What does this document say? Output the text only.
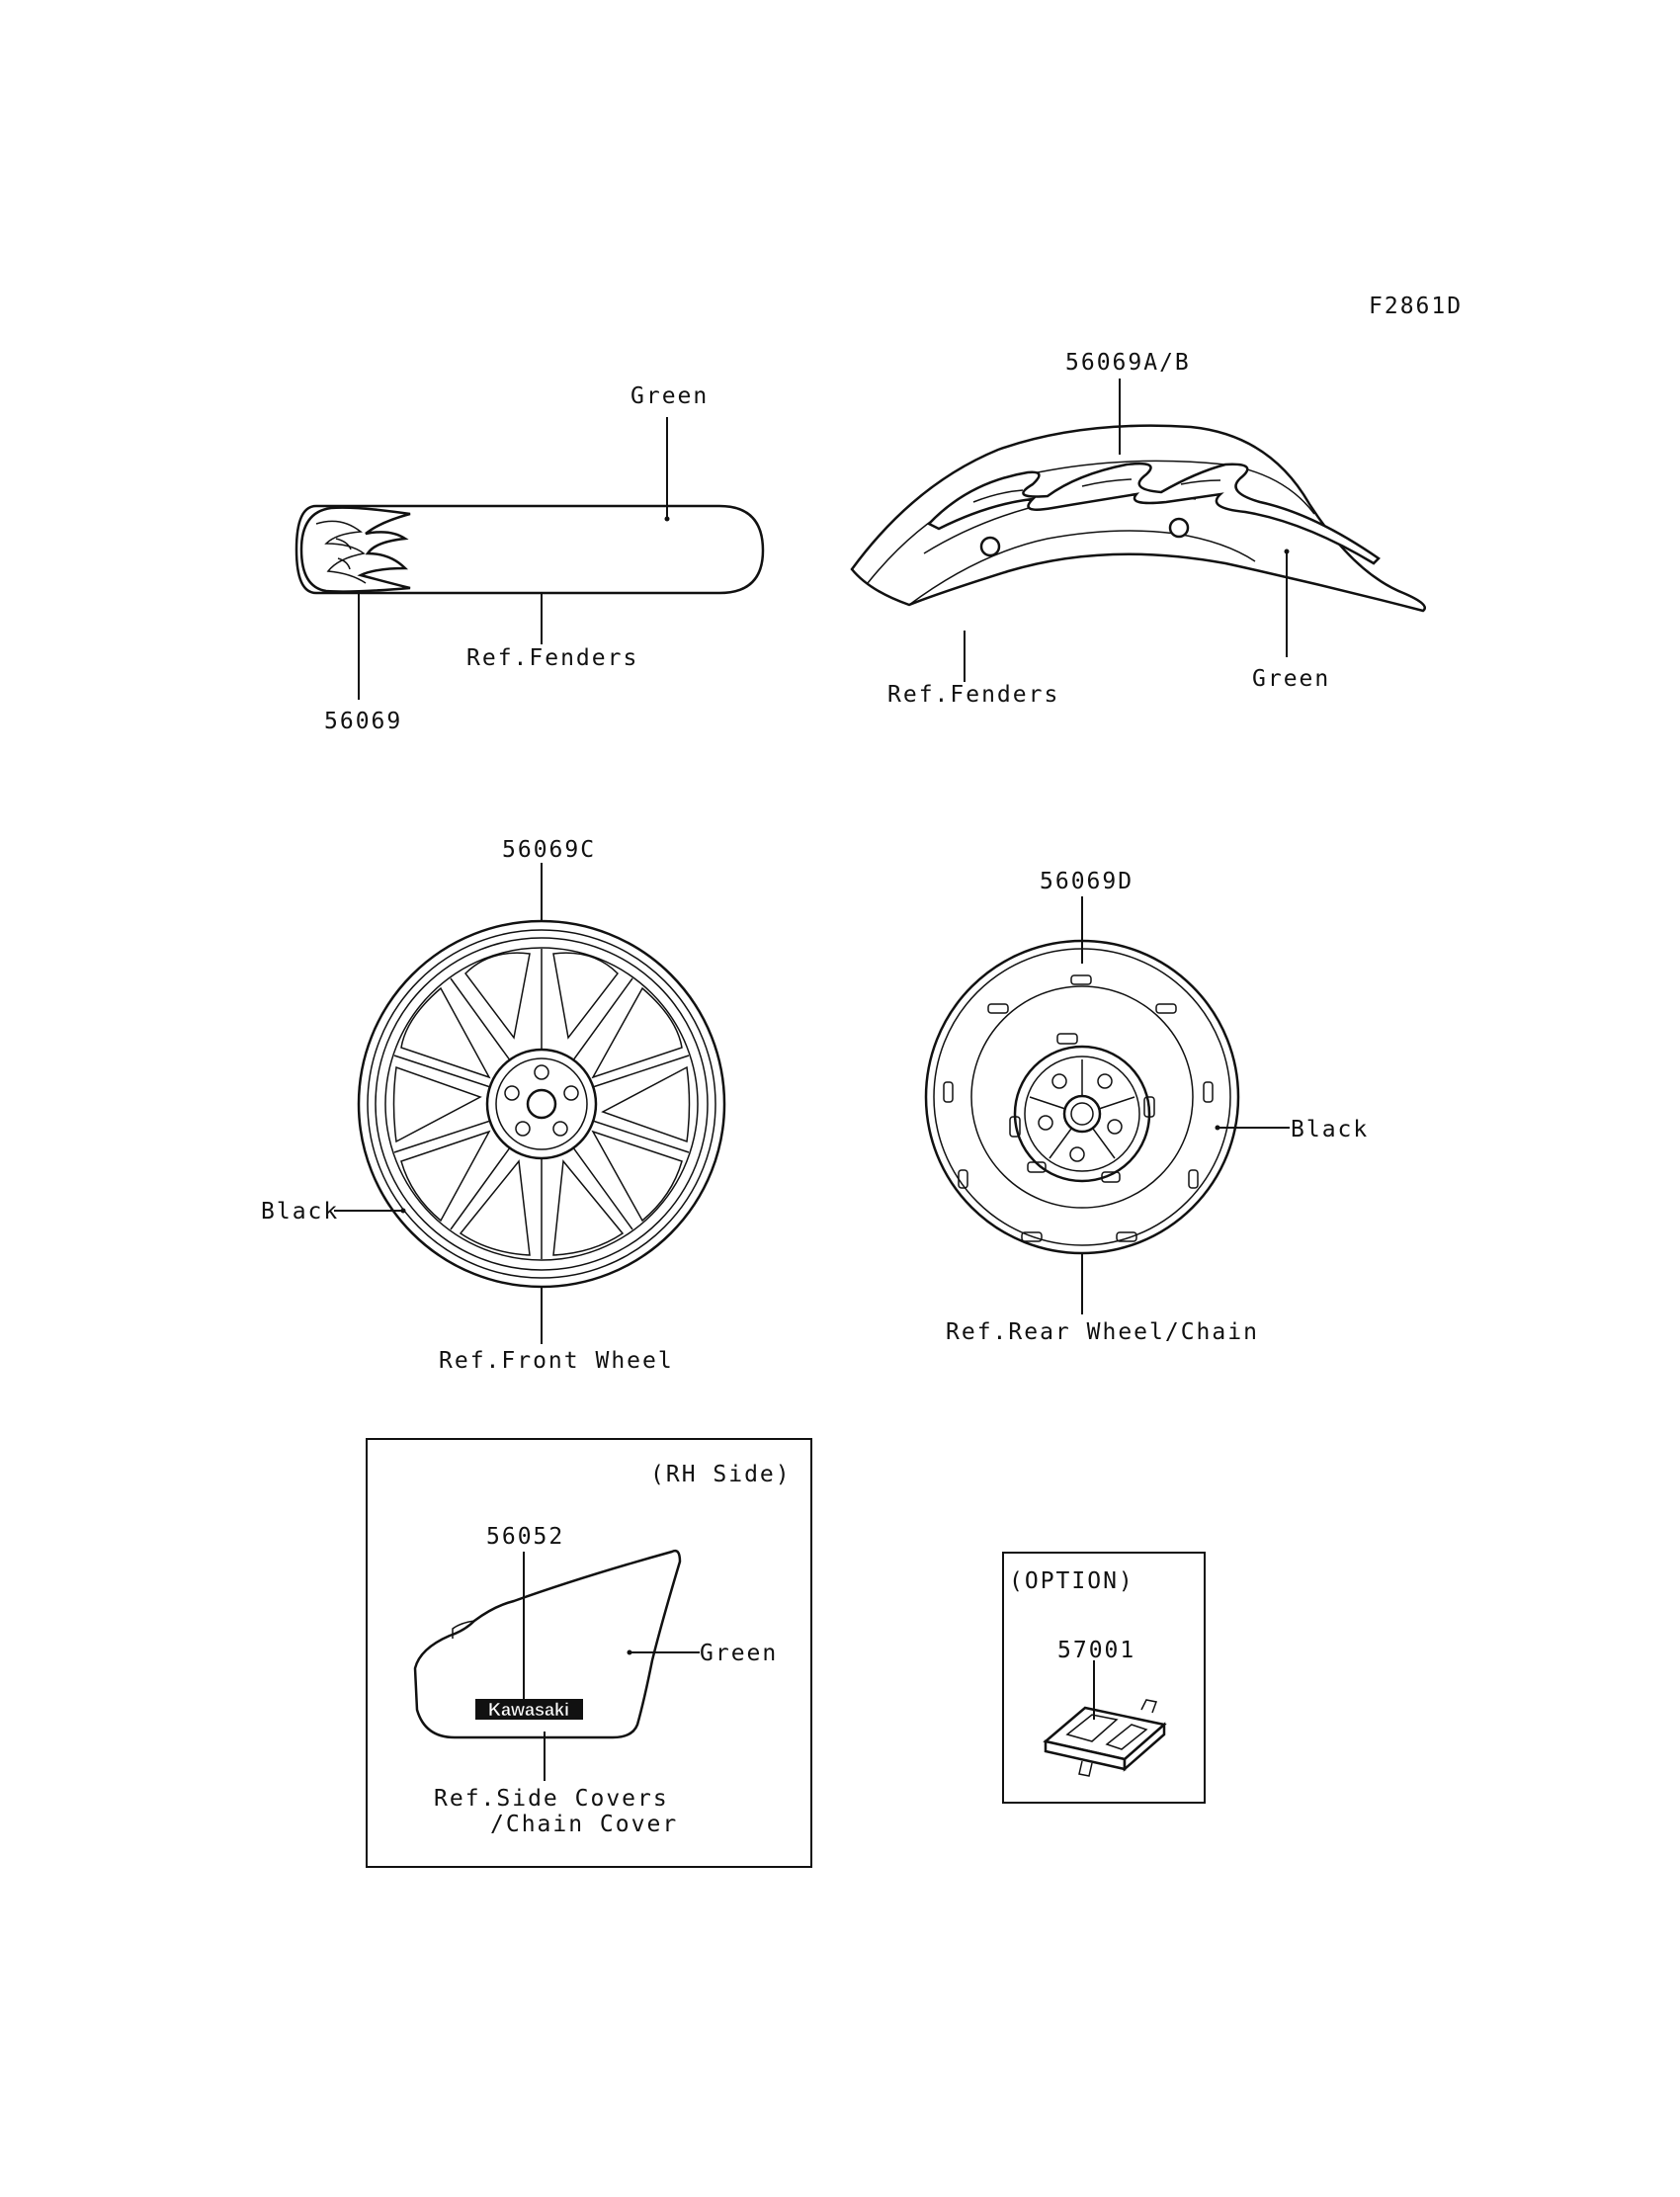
F2861D
Green
Ref.Fenders
56069
56069A/B
Green
Ref.Fenders
56069C
Black
Ref.Front Wheel
56069D
Black
Ref.Rear Wheel/Chain
(RH Side)
Kawasaki
56052
Green
Ref.Side Covers
/Chain Cover
(OPTION)
57001
